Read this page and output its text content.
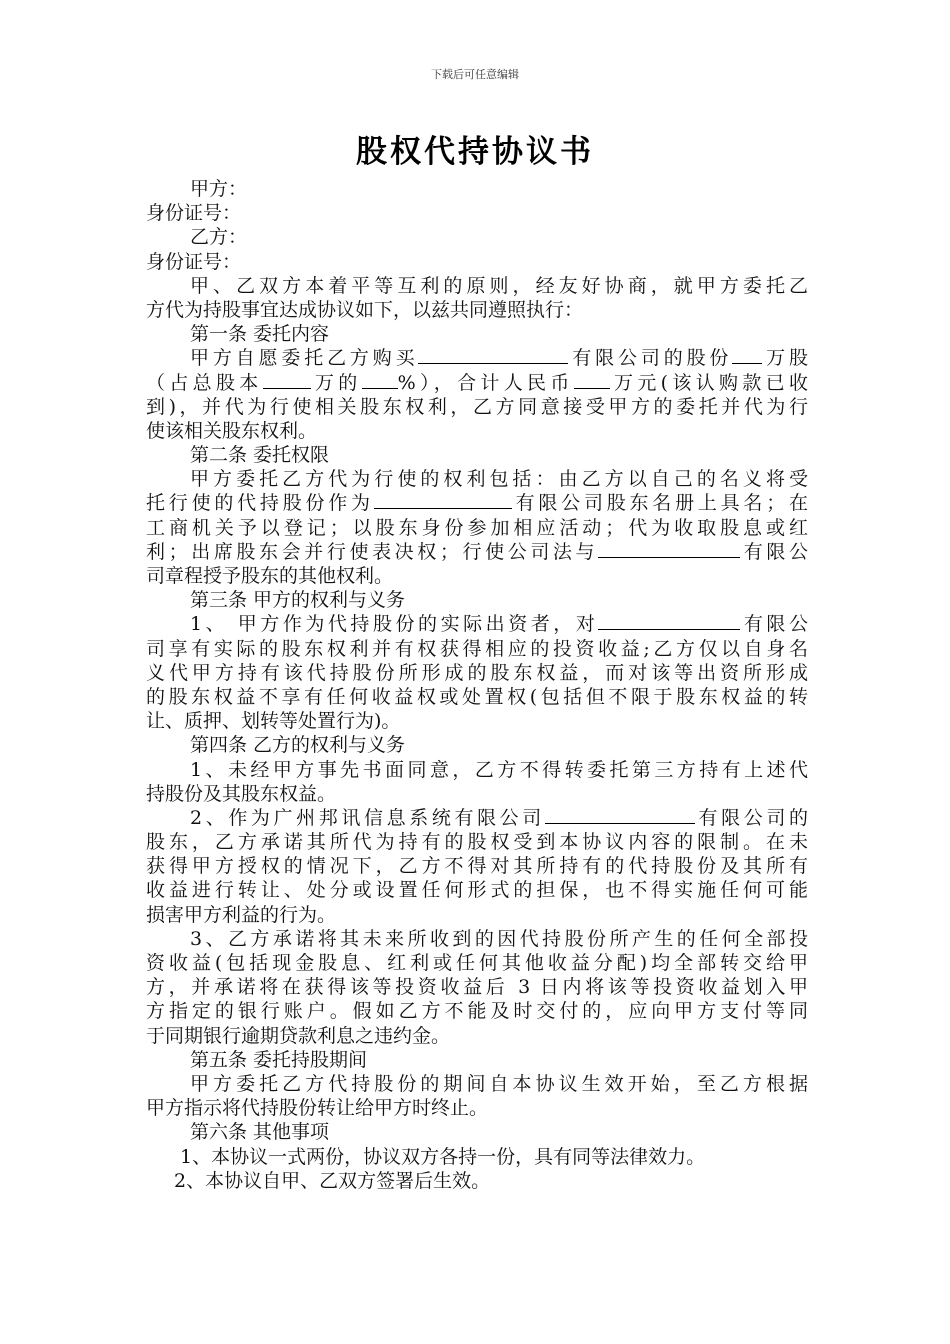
下载后可任意编辑
股权代持协议书
甲方：
身份证号：
乙方：
身份证号：
甲、乙双方本着平等互利的原则，经友好协商，就甲方委托乙
方代为持股事宜达成协议如下，以兹共同遵照执行：
第一条 委托内容
甲方自愿委托乙方购买	有限公司的股份 万股
（占总股本	万的 %），合计人民币 万元(该认购款已收
到)，并代为行使相关股东权利，乙方同意接受甲方的委托并代为行
使该相关股东权利。
第二条 委托权限
甲方委托乙方代为行使的权利包括：由乙方以自己的名义将受
托行使的代持股份作为	有限公司股东名册上具名；在
工商机关予以登记；以股东身份参加相应活动；代为收取股息或红
利；出席股东会并行使表决权；行使公司法与	有限公
司章程授予股东的其他权利。
第三条 甲方的权利与义务
1、 甲方作为代持股份的实际出资者，对	有限公
司享有实际的股东权利并有权获得相应的投资收益;乙方仅以自身名
义代甲方持有该代持股份所形成的股东权益，而对该等出资所形成
的股东权益不享有任何收益权或处置权(包括但不限于股东权益的转
让、质押、划转等处置行为)。
第四条 乙方的权利与义务
1、未经甲方事先书面同意，乙方不得转委托第三方持有上述代
持股份及其股东权益。
2、作为广州邦讯信息系统有限公司	有限公司的
股东，乙方承诺其所代为持有的股权受到本协议内容的限制。在未
获得甲方授权的情况下，乙方不得对其所持有的代持股份及其所有
收益进行转让、处分或设置任何形式的担保，也不得实施任何可能
损害甲方利益的行为。
3、乙方承诺将其未来所收到的因代持股份所产生的任何全部投
资收益(包括现金股息、红利或任何其他收益分配)均全部转交给甲
方，并承诺将在获得该等投资收益后 3 日内将该等投资收益划入甲
方指定的银行账户。假如乙方不能及时交付的，应向甲方支付等同
于同期银行逾期贷款利息之违约金。
第五条 委托持股期间
甲方委托乙方代持股份的期间自本协议生效开始，至乙方根据
甲方指示将代持股份转让给甲方时终止。
第六条 其他事项
1、本协议一式两份，协议双方各持一份，具有同等法律效力。
2、本协议自甲、乙双方签署后生效。
